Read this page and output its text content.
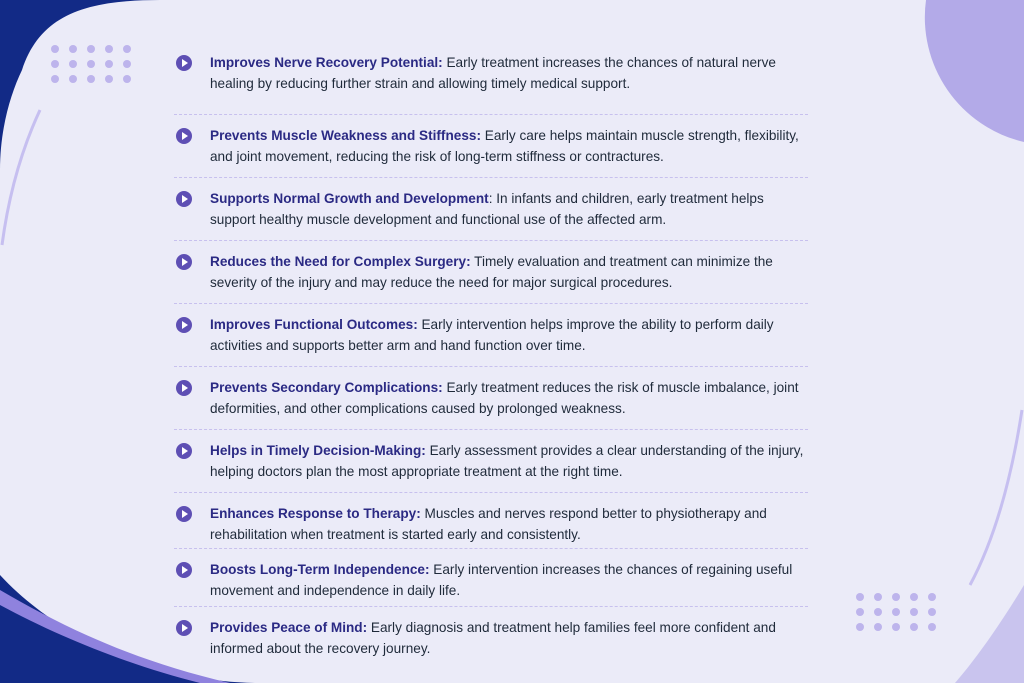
Improves Nerve Recovery Potential: Early treatment increases the chances of natural nerve healing by reducing further strain and allowing timely medical support.

Prevents Muscle Weakness and Stiffness: Early care helps maintain muscle strength, flexibility, and joint movement, reducing the risk of long-term stiffness or contractures.

Supports Normal Growth and Development: In infants and children, early treatment helps support healthy muscle development and functional use of the affected arm.

Reduces the Need for Complex Surgery: Timely evaluation and treatment can minimize the severity of the injury and may reduce the need for major surgical procedures.

Improves Functional Outcomes: Early intervention helps improve the ability to perform daily activities and supports better arm and hand function over time.

Prevents Secondary Complications: Early treatment reduces the risk of muscle imbalance, joint deformities, and other complications caused by prolonged weakness.

Helps in Timely Decision-Making: Early assessment provides a clear understanding of the injury, helping doctors plan the most appropriate treatment at the right time.

Enhances Response to Therapy: Muscles and nerves respond better to physiotherapy and rehabilitation when treatment is started early and consistently.

Boosts Long-Term Independence: Early intervention increases the chances of regaining useful movement and independence in daily life.

Provides Peace of Mind: Early diagnosis and treatment help families feel more confident and informed about the recovery journey.
